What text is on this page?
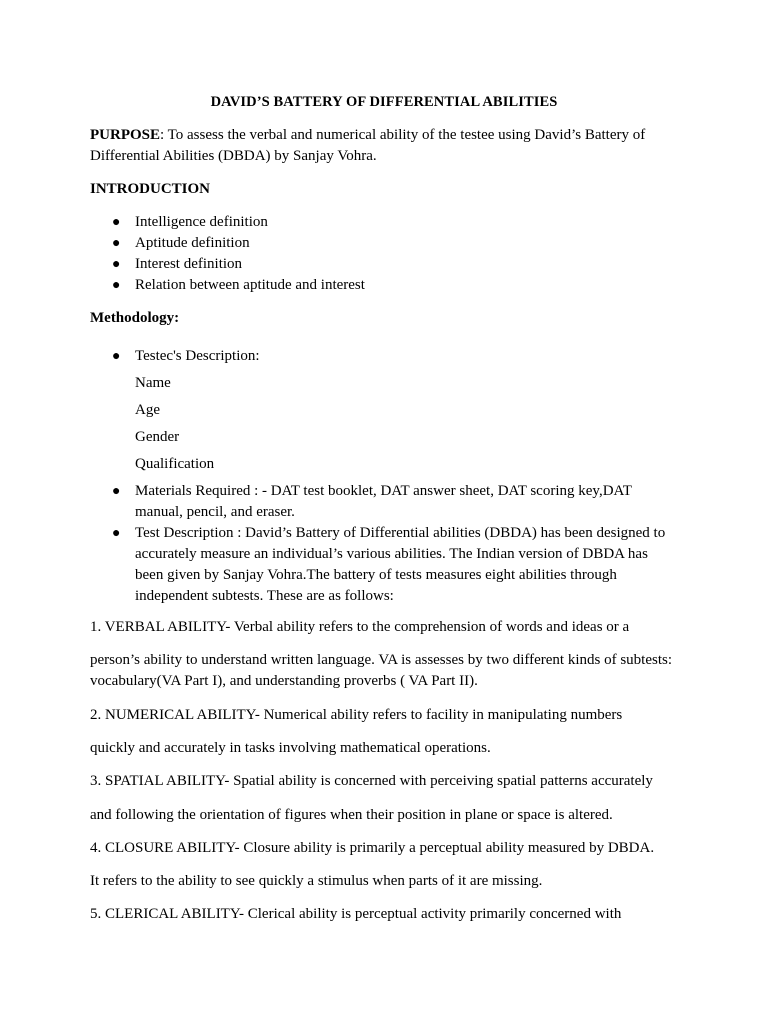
DAVID’S BATTERY OF DIFFERENTIAL ABILITIES

PURPOSE: To assess the verbal and numerical ability of the testee using David’s Battery of Differential Abilities (DBDA) by Sanjay Vohra.

INTRODUCTION

● Intelligence definition
● Aptitude definition
● Interest definition
● Relation between aptitude and interest

Methodology:

● Testec's Description:

Name

Age

Gender

Qualification

● Materials Required : - DAT test booklet, DAT answer sheet, DAT scoring key,DAT manual, pencil, and eraser.
● Test Description : David’s Battery of Differential abilities (DBDA) has been designed to accurately measure an individual’s various abilities. The Indian version of DBDA has been given by Sanjay Vohra.The battery of tests measures eight abilities through independent subtests. These are as follows:

1. VERBAL ABILITY- Verbal ability refers to the comprehension of words and ideas or a

person’s ability to understand written language. VA is assesses by two different kinds of subtests: vocabulary(VA Part I), and understanding proverbs ( VA Part II).

2. NUMERICAL ABILITY- Numerical ability refers to facility in manipulating numbers

quickly and accurately in tasks involving mathematical operations.

3. SPATIAL ABILITY- Spatial ability is concerned with perceiving spatial patterns accurately

and following the orientation of figures when their position in plane or space is altered.

4. CLOSURE ABILITY- Closure ability is primarily a perceptual ability measured by DBDA.

It refers to the ability to see quickly a stimulus when parts of it are missing.

5. CLERICAL ABILITY- Clerical ability is perceptual activity primarily concerned with
